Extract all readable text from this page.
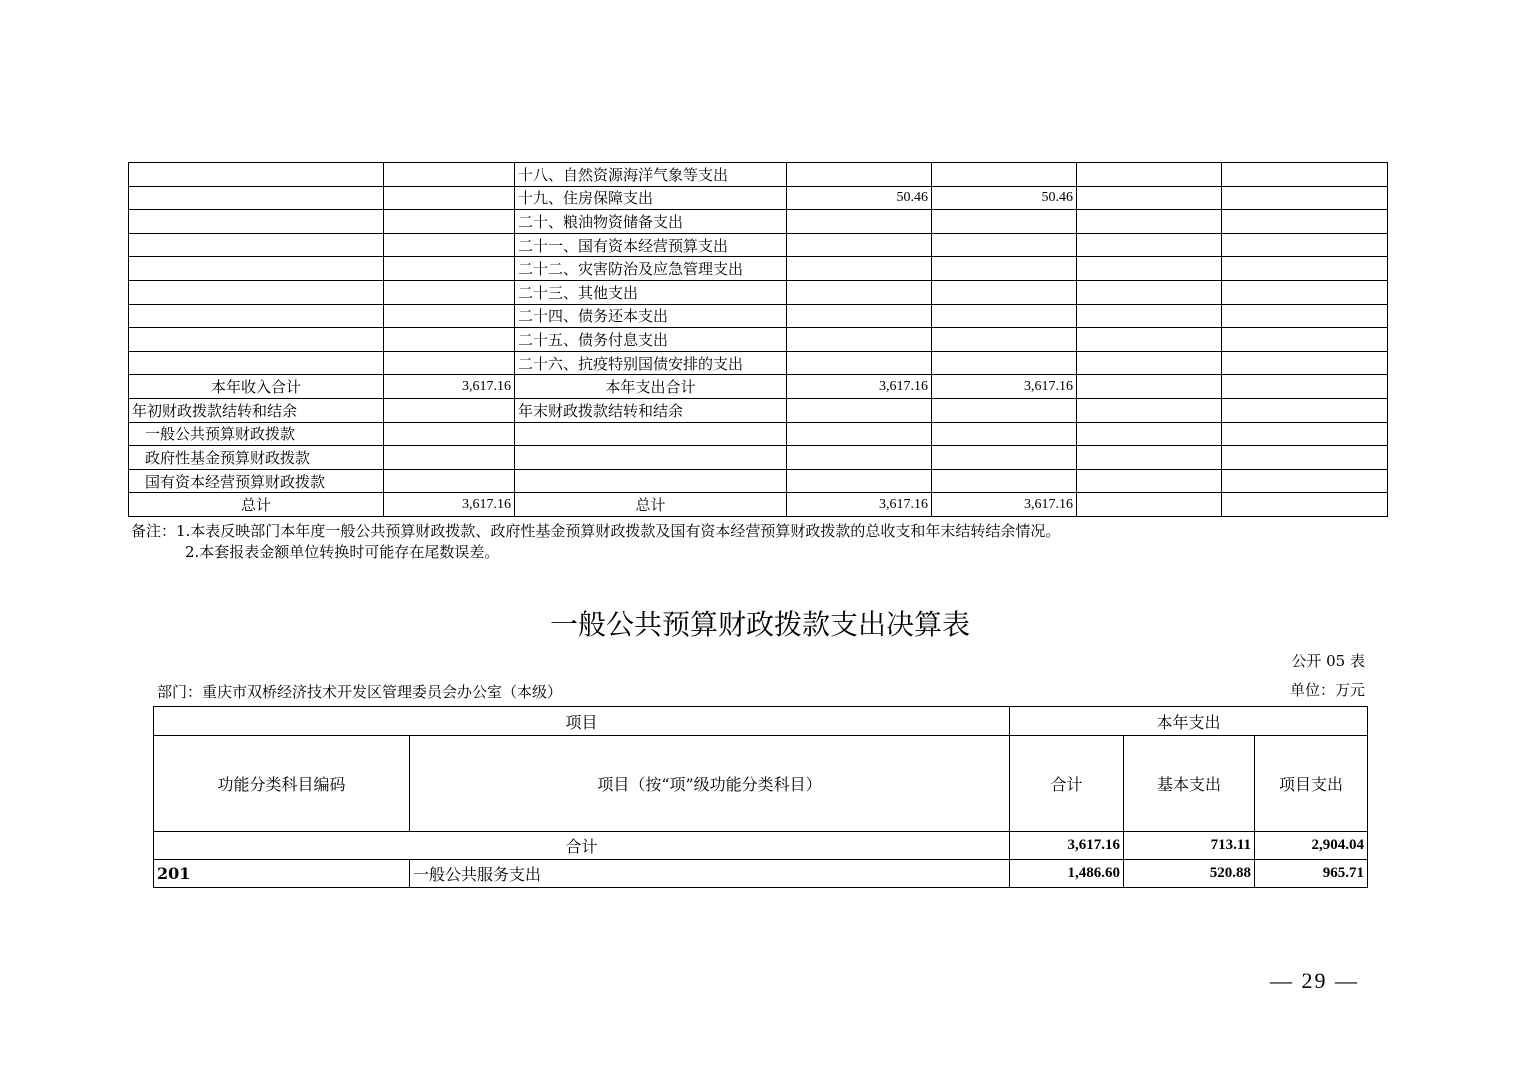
		十八、自然资源海洋气象等支出				
		十九、住房保障支出	50.46	50.46		
		二十、粮油物资储备支出				
		二十一、国有资本经营预算支出				
		二十二、灾害防治及应急管理支出				
		二十三、其他支出				
		二十四、债务还本支出				
		二十五、债务付息支出				
		二十六、抗疫特别国债安排的支出				
本年收入合计	3,617.16	本年支出合计	3,617.16	3,617.16		
年初财政拨款结转和结余		年末财政拨款结转和结余				
一般公共预算财政拨款						
政府性基金预算财政拨款						
国有资本经营预算财政拨款						
总计	3,617.16	总计	3,617.16	3,617.16		
备注：1.本表反映部门本年度一般公共预算财政拨款、政府性基金预算财政拨款及国有资本经营预算财政拨款的总收支和年末结转结余情况。
2.本套报表金额单位转换时可能存在尾数误差。
一般公共预算财政拨款支出决算表
公开 05 表
部门：重庆市双桥经济技术开发区管理委员会办公室（本级）	单位：万元
项目		本年支出		
功能分类科目编码	项目（按“项”级功能分类科目）	合计	基本支出	项目支出
合计		3,617.16	713.11	2,904.04
201	一般公共服务支出	1,486.60	520.88	965.71
— 29 —
